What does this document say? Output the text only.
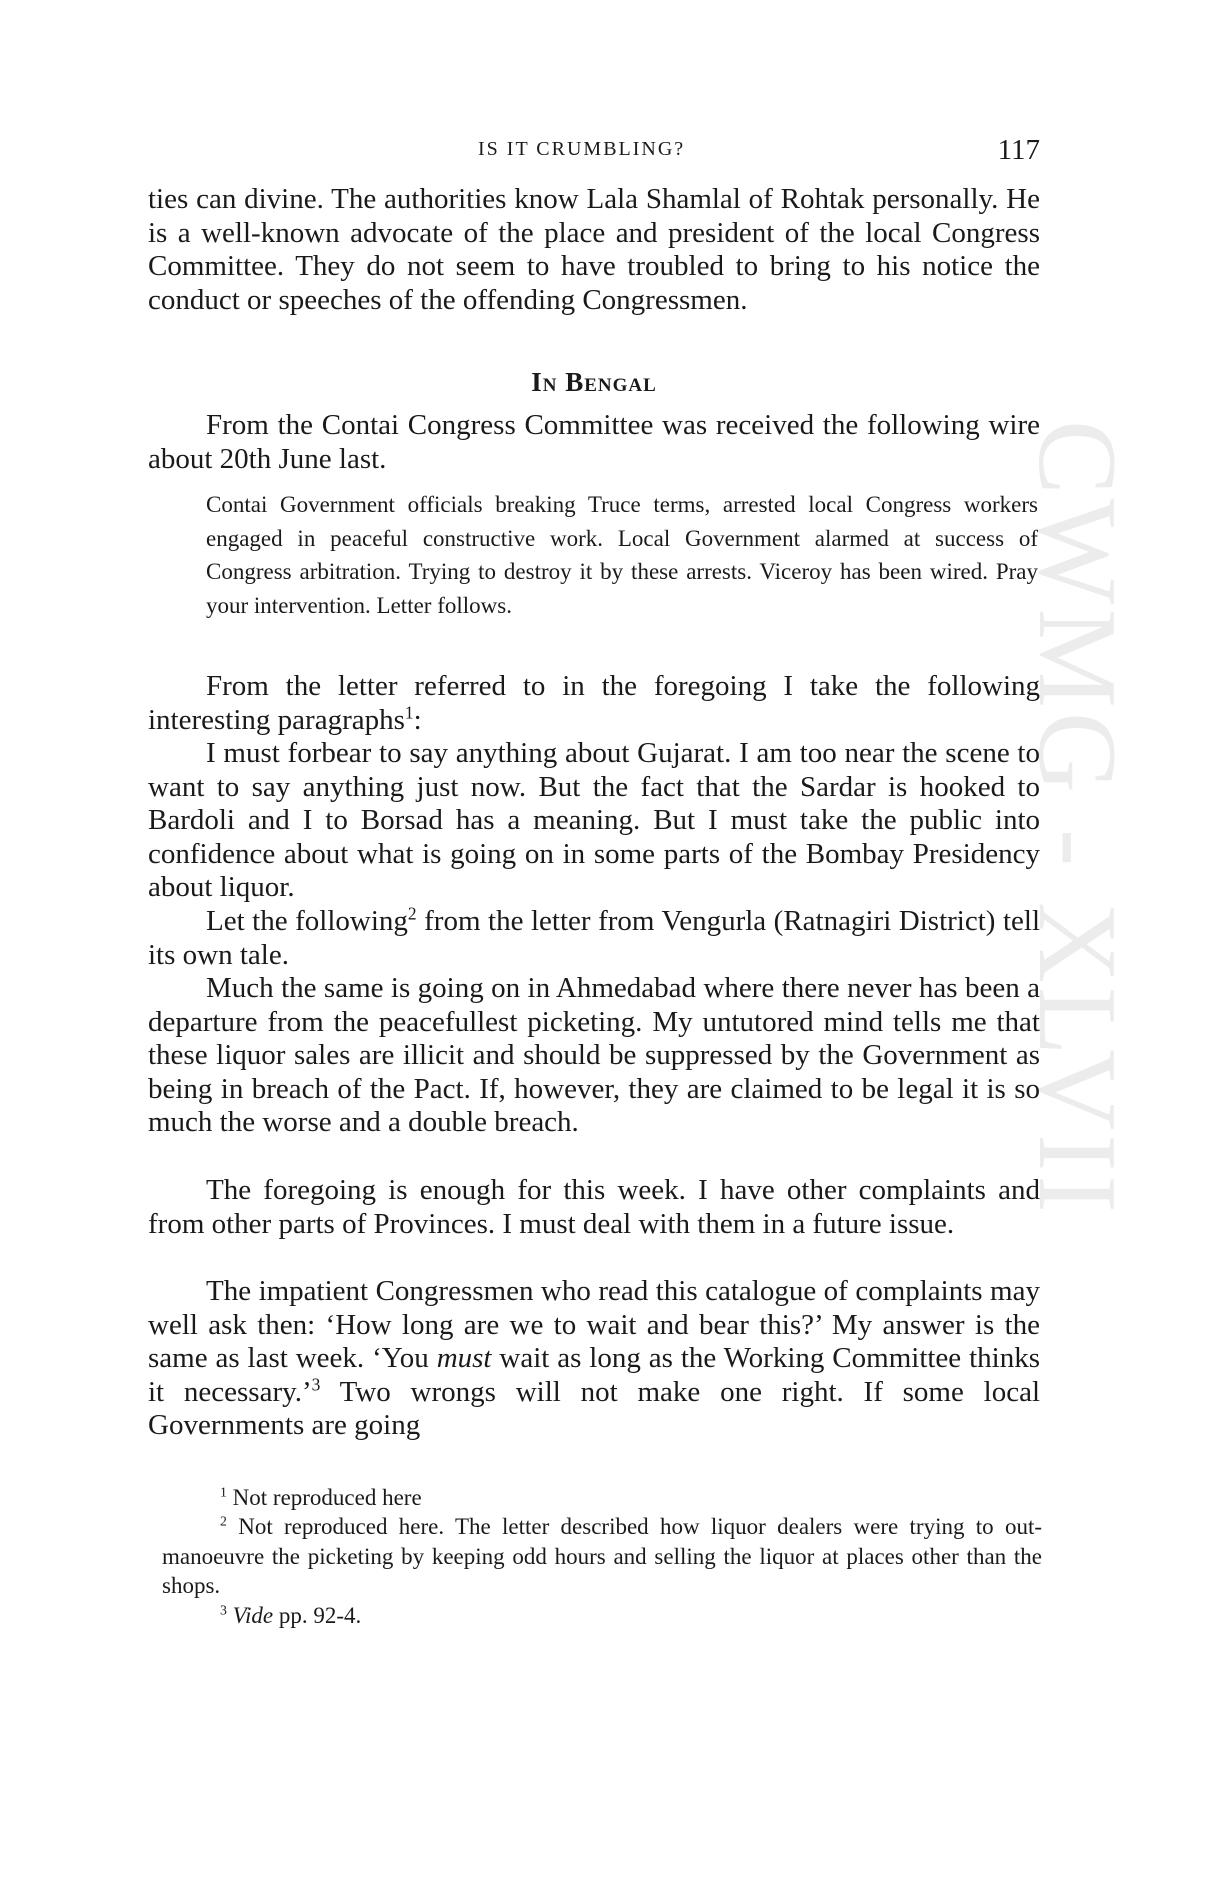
CWMG - XLVII
IS IT CRUMBLING?	117

ties can divine. The authorities know Lala Shamlal of Rohtak personally. He is a well-known advocate of the place and president of the local Congress Committee. They do not seem to have troubled to bring to his notice the conduct or speeches of the offending Congressmen.

In Bengal

From the Contai Congress Committee was received the following wire about 20th June last.

Contai Government officials breaking Truce terms, arrested local Congress workers engaged in peaceful constructive work. Local Government alarmed at success of Congress arbitration. Trying to destroy it by these arrests. Viceroy has been wired. Pray your intervention. Letter follows.

From the letter referred to in the foregoing I take the following interesting paragraphs$^1$:

I must forbear to say anything about Gujarat. I am too near the scene to want to say anything just now. But the fact that the Sardar is hooked to Bardoli and I to Borsad has a meaning. But I must take the public into confidence about what is going on in some parts of the Bombay Presidency about liquor.

Let the following$^2$ from the letter from Vengurla (Ratnagiri District) tell its own tale.

Much the same is going on in Ahmedabad where there never has been a departure from the peacefullest picketing. My untutored mind tells me that these liquor sales are illicit and should be suppressed by the Government as being in breach of the Pact. If, however, they are claimed to be legal it is so much the worse and a double breach.

The foregoing is enough for this week. I have other complaints and from other parts of Provinces. I must deal with them in a future issue.

The impatient Congressmen who read this catalogue of complaints may well ask then: ‘How long are we to wait and bear this?’ My answer is the same as last week. ‘You must wait as long as the Working Committee thinks it necessary.’$^3$ Two wrongs will not make one right. If some local Governments are going

$^1$ Not reproduced here

$^2$ Not reproduced here. The letter described how liquor dealers were trying to out-manoeuvre the picketing by keeping odd hours and selling the liquor at places other than the shops.

$^3$ Vide pp. 92-4.
